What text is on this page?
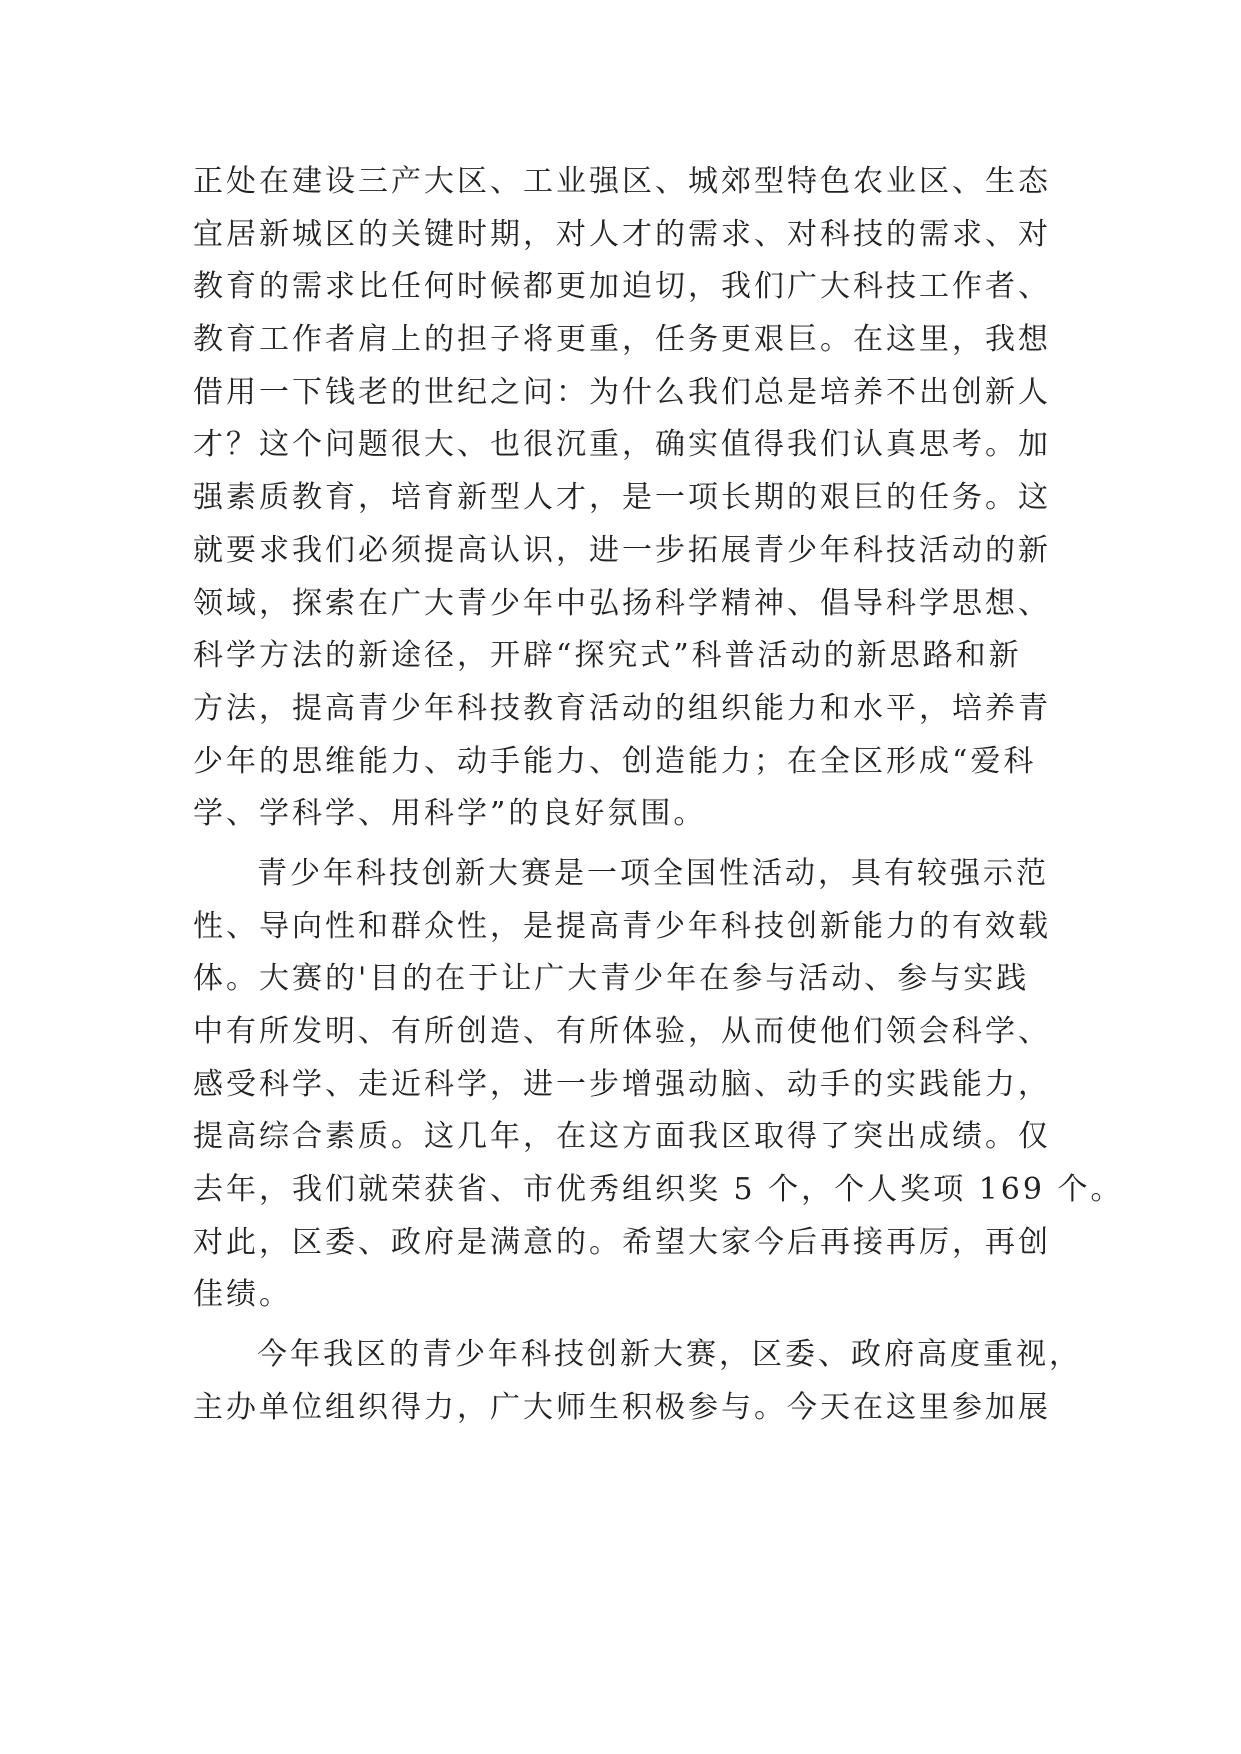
正处在建设三产大区、工业强区、城郊型特色农业区、生态
宜居新城区的关键时期，对人才的需求、对科技的需求、对
教育的需求比任何时候都更加迫切，我们广大科技工作者、
教育工作者肩上的担子将更重，任务更艰巨。在这里，我想
借用一下钱老的世纪之问：为什么我们总是培养不出创新人
才？这个问题很大、也很沉重，确实值得我们认真思考。加
强素质教育，培育新型人才，是一项长期的艰巨的任务。这
就要求我们必须提高认识，进一步拓展青少年科技活动的新
领域，探索在广大青少年中弘扬科学精神、倡导科学思想、
科学方法的新途径，开辟“探究式”科普活动的新思路和新
方法，提高青少年科技教育活动的组织能力和水平，培养青
少年的思维能力、动手能力、创造能力；在全区形成“爱科
学、学科学、用科学”的良好氛围。
青少年科技创新大赛是一项全国性活动，具有较强示范
性、导向性和群众性，是提高青少年科技创新能力的有效载
体。大赛的'目的在于让广大青少年在参与活动、参与实践
中有所发明、有所创造、有所体验，从而使他们领会科学、
感受科学、走近科学，进一步增强动脑、动手的实践能力，
提高综合素质。这几年，在这方面我区取得了突出成绩。仅
去年，我们就荣获省、市优秀组织奖 5 个，个人奖项 169 个。
对此，区委、政府是满意的。希望大家今后再接再厉，再创
佳绩。
今年我区的青少年科技创新大赛，区委、政府高度重视，
主办单位组织得力，广大师生积极参与。今天在这里参加展
